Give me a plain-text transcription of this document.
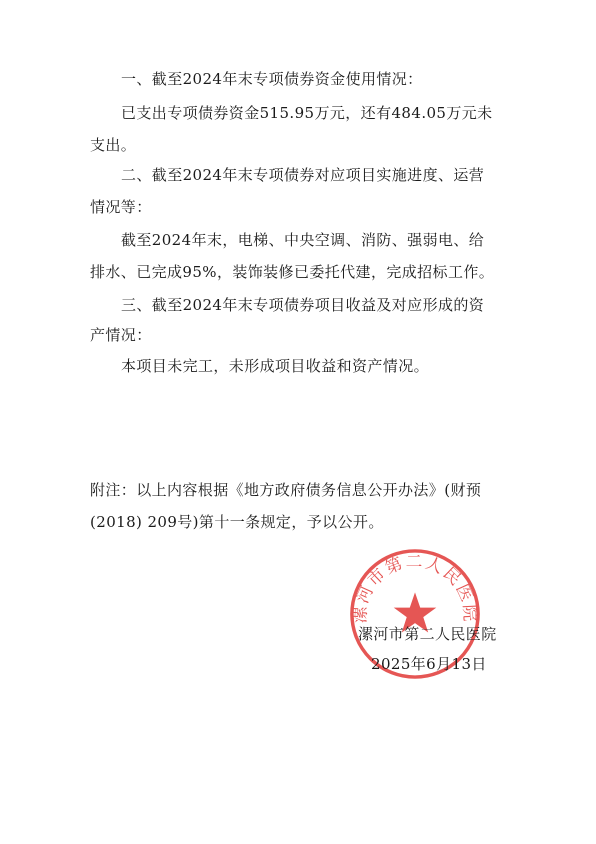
一、截至2024年末专项债券资金使用情况：
已支出专项债券资金515.95万元，还有484.05万元未
支出。
二、截至2024年末专项债券对应项目实施进度、运营
情况等：
截至2024年末，电梯、中央空调、消防、强弱电、给
排水、已完成95%，装饰装修已委托代建，完成招标工作。
三、截至2024年末专项债券项目收益及对应形成的资
产情况：
本项目未完工，未形成项目收益和资产情况。
附注：以上内容根据《地方政府债务信息公开办法》(财预
(2018) 209号)第十一条规定，予以公开。
漯河市第二人民医院
漯河市第二人民医院
2025年6月13日
